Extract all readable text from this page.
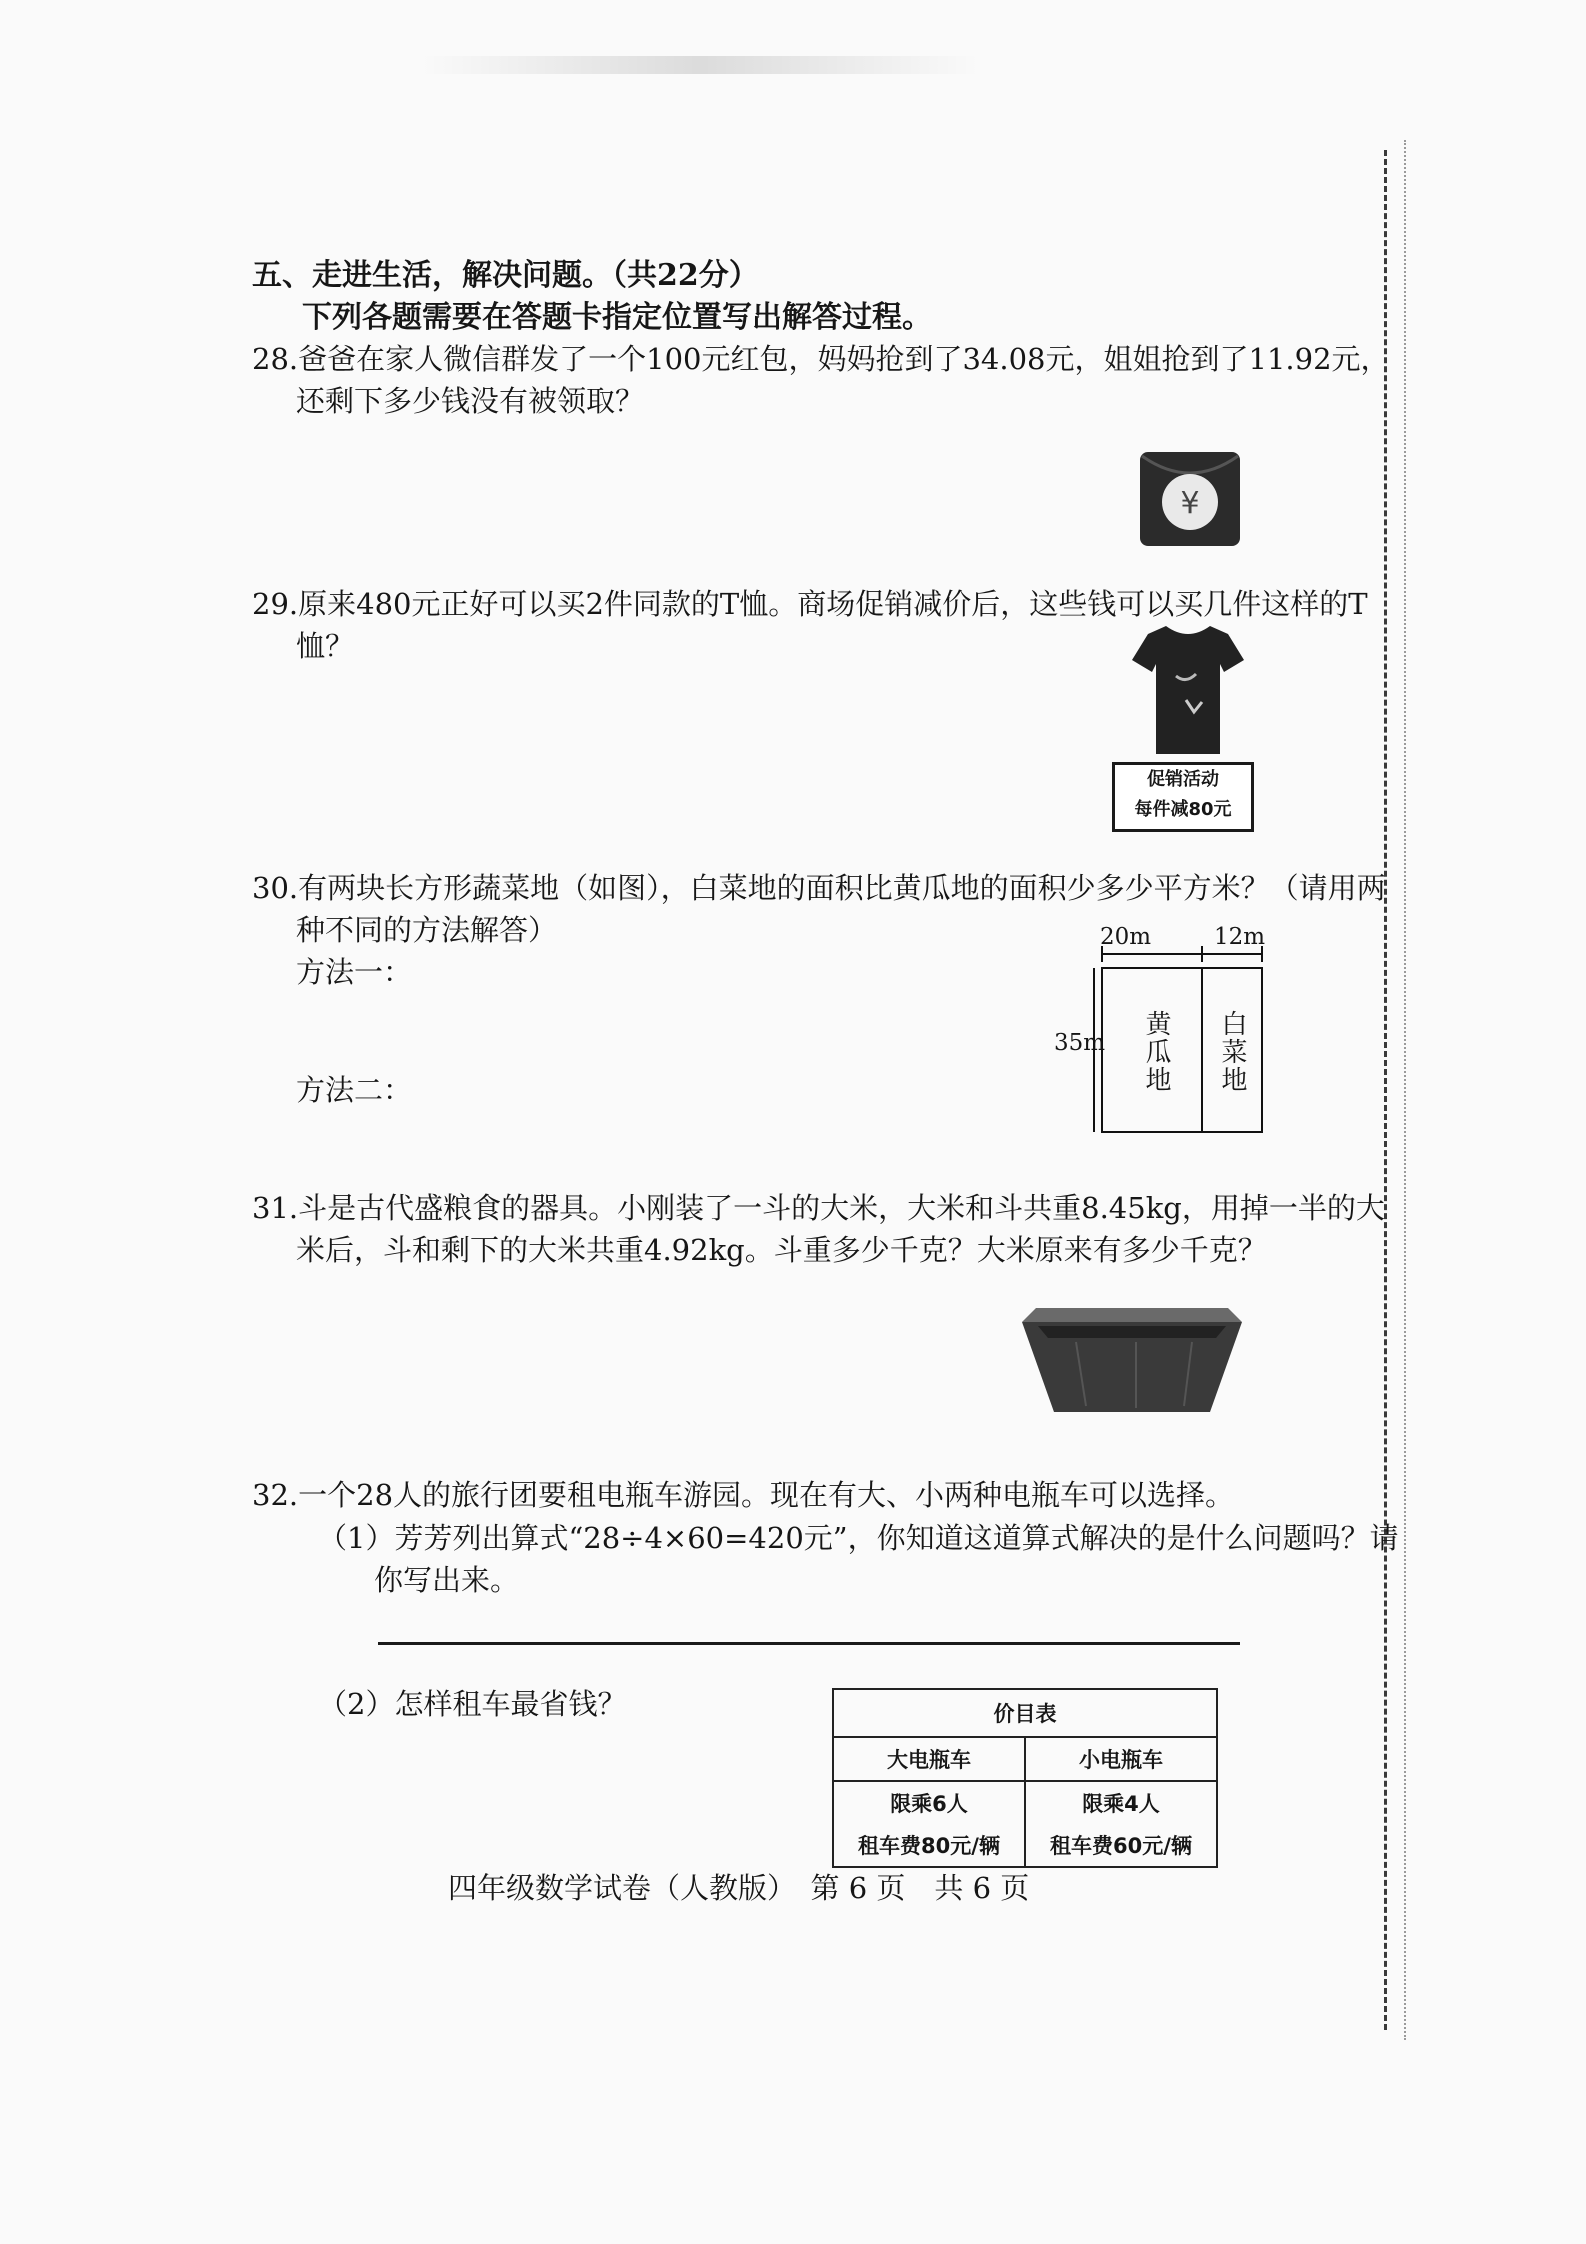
五、走进生活，解决问题。（共22分）
下列各题需要在答题卡指定位置写出解答过程。
28.爸爸在家人微信群发了一个100元红包，妈妈抢到了34.08元，姐姐抢到了11.92元，
还剩下多少钱没有被领取？
¥
29.原来480元正好可以买2件同款的T恤。商场促销减价后，这些钱可以买几件这样的T
恤？
促销活动
每件减80元
30.有两块长方形蔬菜地（如图），白菜地的面积比黄瓜地的面积少多少平方米？（请用两
种不同的方法解答）
方法一：
方法二：
20m	12m
35m 黄瓜地 白菜地
31.斗是古代盛粮食的器具。小刚装了一斗的大米，大米和斗共重8.45kg，用掉一半的大
米后，斗和剩下的大米共重4.92kg。斗重多少千克？大米原来有多少千克？
32.一个28人的旅行团要租电瓶车游园。现在有大、小两种电瓶车可以选择。
（1）芳芳列出算式“28÷4×60=420元”，你知道这道算式解决的是什么问题吗？请
你写出来。
（2）怎样租车最省钱？	价目表	
大电瓶车	小电瓶车
限乘6人	限乘4人
租车费80元/辆	租车费60元/辆
四年级数学试卷（人教版）　第 6 页　共 6 页
